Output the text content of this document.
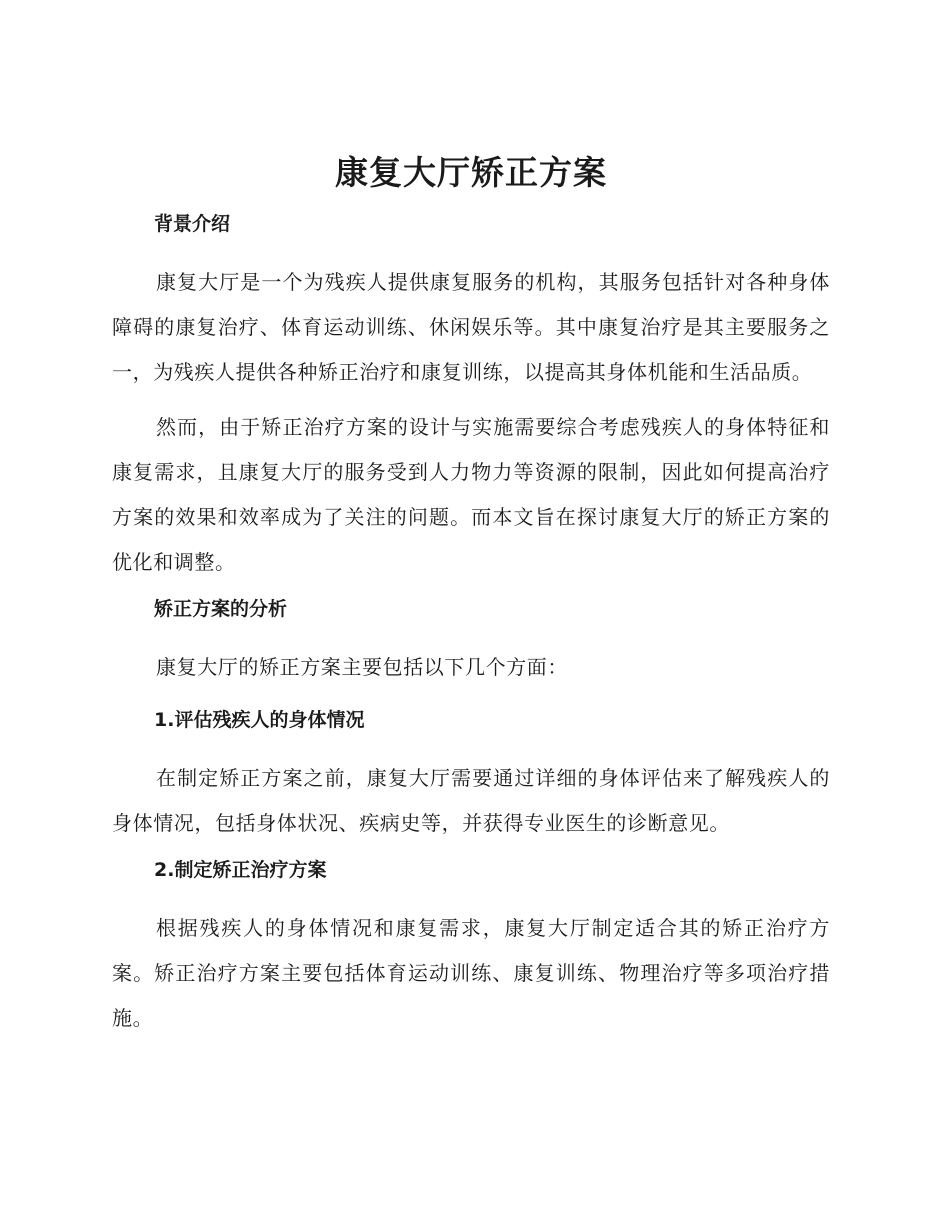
康复大厅矫正方案
背景介绍

康复大厅是一个为残疾人提供康复服务的机构，其服务包括针对各种身体障碍的康复治疗、体育运动训练、休闲娱乐等。其中康复治疗是其主要服务之一，为残疾人提供各种矫正治疗和康复训练，以提高其身体机能和生活品质。

然而，由于矫正治疗方案的设计与实施需要综合考虑残疾人的身体特征和康复需求，且康复大厅的服务受到人力物力等资源的限制，因此如何提高治疗方案的效果和效率成为了关注的问题。而本文旨在探讨康复大厅的矫正方案的优化和调整。

矫正方案的分析

康复大厅的矫正方案主要包括以下几个方面：

1.评估残疾人的身体情况

在制定矫正方案之前，康复大厅需要通过详细的身体评估来了解残疾人的身体情况，包括身体状况、疾病史等，并获得专业医生的诊断意见。

2.制定矫正治疗方案

根据残疾人的身体情况和康复需求，康复大厅制定适合其的矫正治疗方案。矫正治疗方案主要包括体育运动训练、康复训练、物理治疗等多项治疗措施。
